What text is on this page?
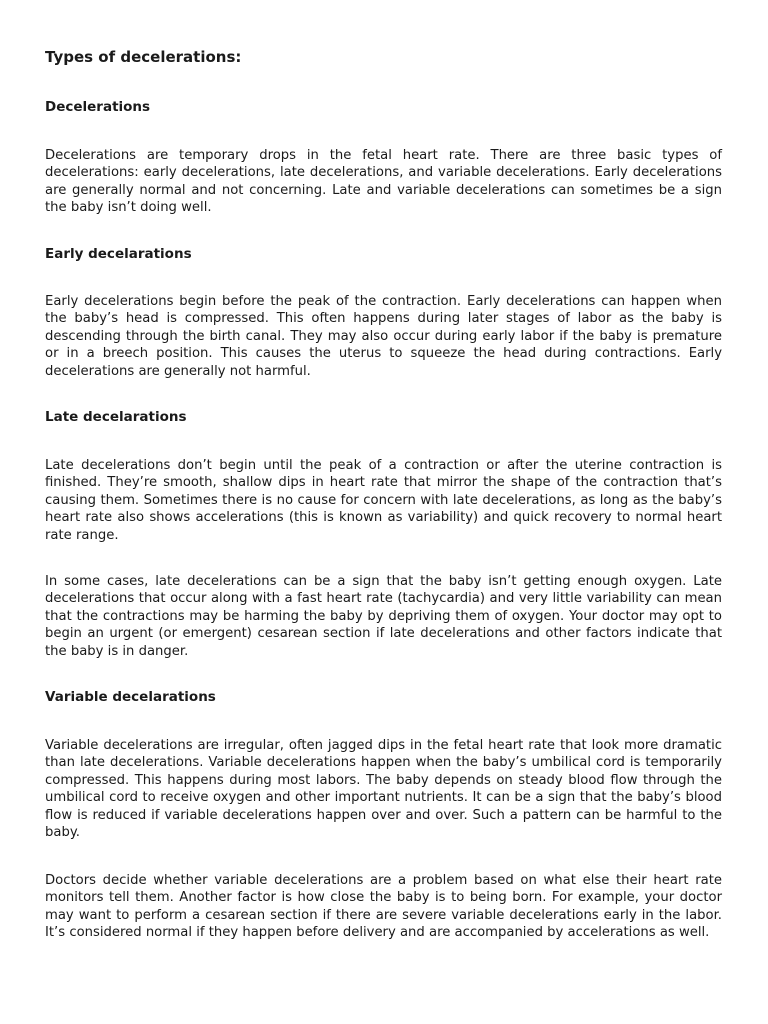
Types of decelerations:
Decelerations

Decelerations are temporary drops in the fetal heart rate. There are three basic types of decelerations: early decelerations, late decelerations, and variable decelerations. Early decelerations are generally normal and not concerning. Late and variable decelerations can sometimes be a sign the baby isn’t doing well.

Early decelarations

Early decelerations begin before the peak of the contraction. Early decelerations can happen when the baby’s head is compressed. This often happens during later stages of labor as the baby is descending through the birth canal. They may also occur during early labor if the baby is premature or in a breech position. This causes the uterus to squeeze the head during contractions. Early decelerations are generally not harmful.

Late decelarations

Late decelerations don’t begin until the peak of a contraction or after the uterine contraction is finished. They’re smooth, shallow dips in heart rate that mirror the shape of the contraction that’s causing them. Sometimes there is no cause for concern with late decelerations, as long as the baby’s heart rate also shows accelerations (this is known as variability) and quick recovery to normal heart rate range.

In some cases, late decelerations can be a sign that the baby isn’t getting enough oxygen. Late decelerations that occur along with a fast heart rate (tachycardia) and very little variability can mean that the contractions may be harming the baby by depriving them of oxygen. Your doctor may opt to begin an urgent (or emergent) cesarean section if late decelerations and other factors indicate that the baby is in danger.

Variable decelarations

Variable decelerations are irregular, often jagged dips in the fetal heart rate that look more dramatic than late decelerations. Variable decelerations happen when the baby’s umbilical cord is temporarily compressed. This happens during most labors. The baby depends on steady blood flow through the umbilical cord to receive oxygen and other important nutrients. It can be a sign that the baby’s blood flow is reduced if variable decelerations happen over and over. Such a pattern can be harmful to the baby.

Doctors decide whether variable decelerations are a problem based on what else their heart rate monitors tell them. Another factor is how close the baby is to being born. For example, your doctor may want to perform a cesarean section if there are severe variable decelerations early in the labor. It’s considered normal if they happen before delivery and are accompanied by accelerations as well.
